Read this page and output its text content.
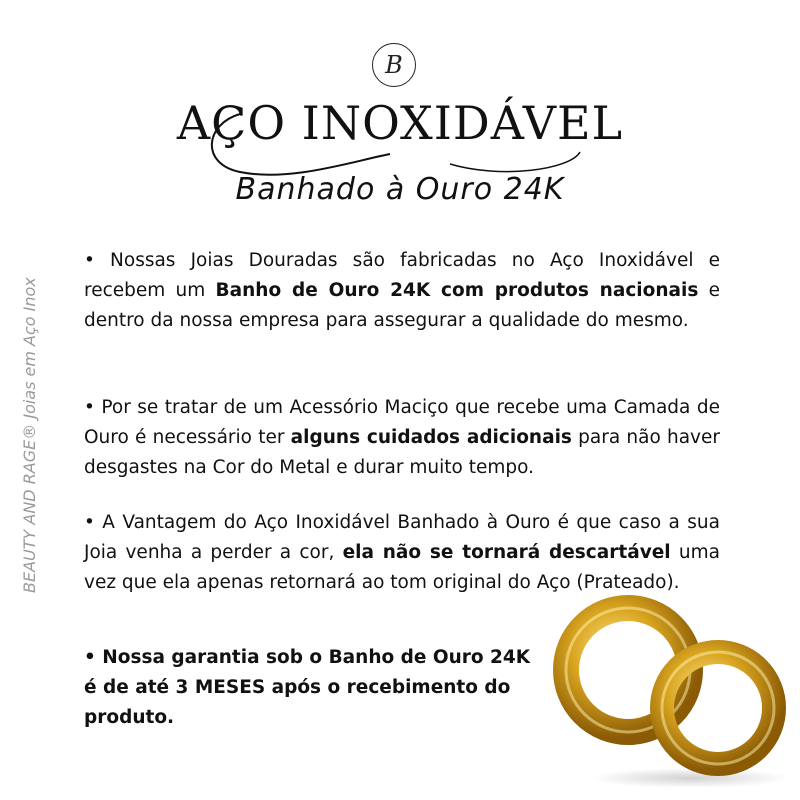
B
AÇO INOXIDÁVEL
Banhado à Ouro 24K
BEAUTY AND RAGE® Joias em Aço Inox
• Nossas Joias Douradas são fabricadas no Aço Inoxidável e recebem um Banho de Ouro 24K com produtos nacionais e dentro da nossa empresa para assegurar a qualidade do mesmo.
• Por se tratar de um Acessório Maciço que recebe uma Camada de Ouro é necessário ter alguns cuidados adicionais para não haver desgastes na Cor do Metal e durar muito tempo.
• A Vantagem do Aço Inoxidável Banhado à Ouro é que caso a sua Joia venha a perder a cor, ela não se tornará descartável uma vez que ela apenas retornará ao tom original do Aço (Prateado).
• Nossa garantia sob o Banho de Ouro 24K é de até 3 MESES após o recebimento do produto.
